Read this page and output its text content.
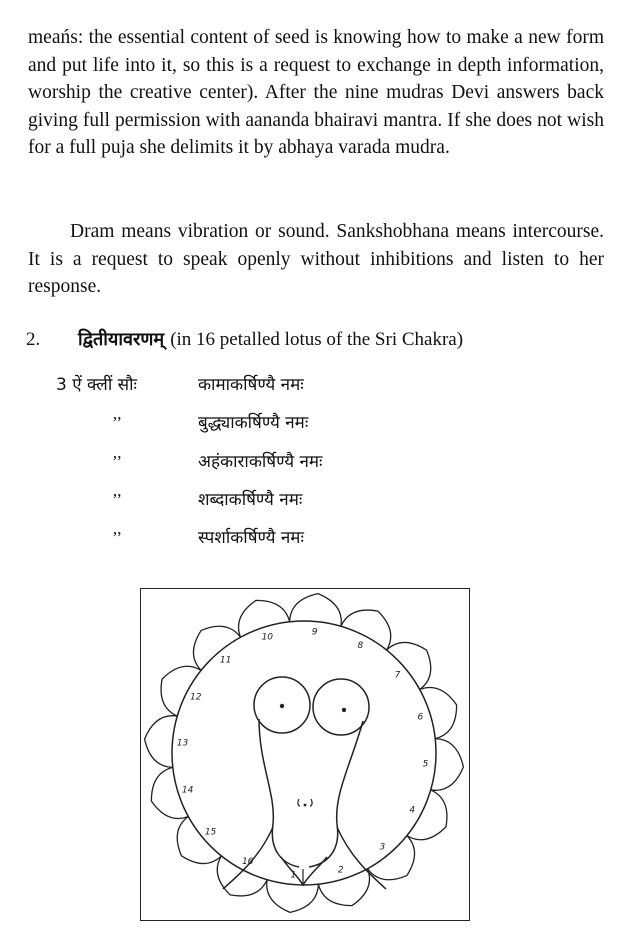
meańs: the essential content of seed is knowing how to make a new form and put life into it, so this is a request to exchange in depth information, worship the creative center). After the nine mudras Devi answers back giving full permission with aananda bhairavi mantra. If she does not wish for a full puja she delimits it by abhaya varada mudra.

Dram means vibration or sound. Sankshobhana means intercourse. It is a request to speak openly without inhibitions and listen to her response.

2. द्वितीयावरणम् (in 16 petalled lotus of the Sri Chakra)
3 ऐं क्लीं सौः	कामाकर्षिण्यै नमः
’’	बुद्ध्याकर्षिण्यै नमः
’’	अहंकाराकर्षिण्यै नमः
’’	शब्दाकर्षिण्यै नमः
’’	स्पर्शाकर्षिण्यै नमः
1
2
3
4
5
6
7
8
9
10
11
12
13
14
15
16
